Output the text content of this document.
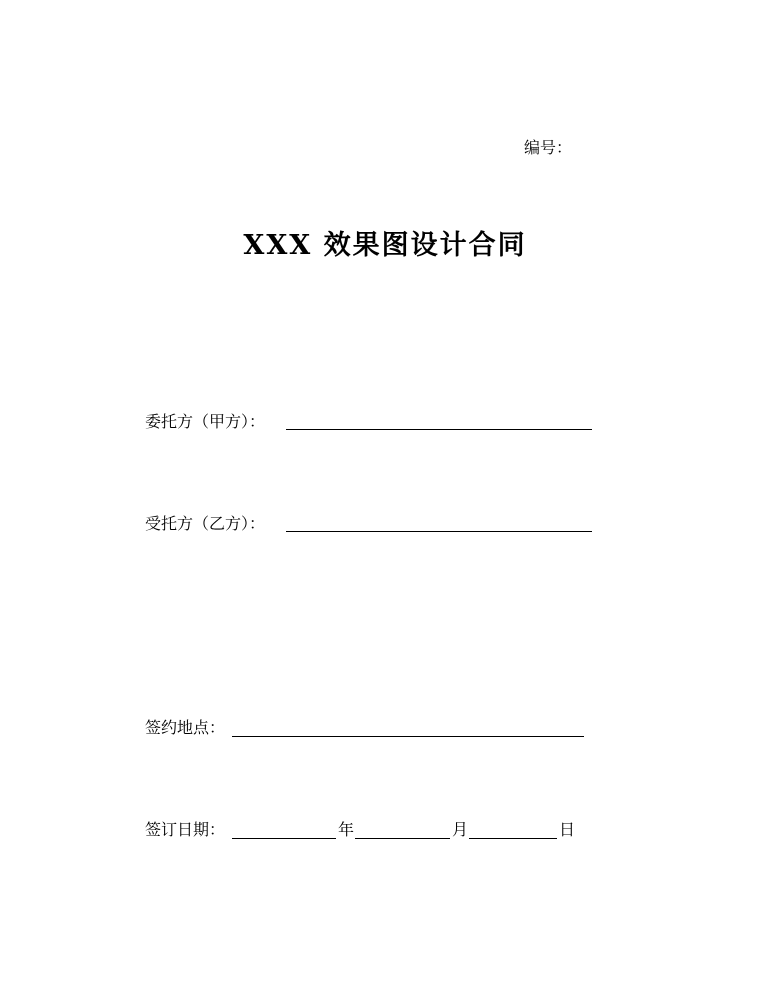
编号：
XXX 效果图设计合同
委托方（甲方）：
受托方（乙方）：
签约地点：
签订日期：	年	月	日
